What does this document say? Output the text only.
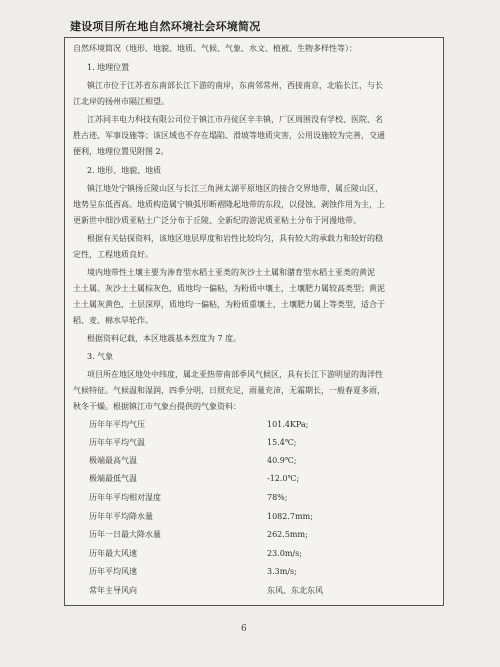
建设项目所在地自然环境社会环境简况
自然环境简况（地形、地貌、地质、气候、气象、水文、植被、生物多样性等）：
1. 地理位置
镇江市位于江苏省东南部长江下游的南岸，东南邻常州，西接南京，北临长江，与长
江北岸的扬州市隔江相望。
江苏同丰电力科技有限公司位于镇江市丹徒区辛丰镇，厂区周围没有学校、医院、名
胜古迹、军事设施等；该区域也不存在塌陷、滑坡等地质灾害，公用设施较为完善，交通
便利，地理位置见附图 2。
2. 地形、地貌、地质
镇江地处宁镇扬丘陵山区与长江三角洲太湖平原地区的接合交界地带，属丘陵山区，
地势呈东低西高。地质构造属宁镇弧形断褶隆起地带的东段，以侵蚀、剥蚀作用为主，上
更新世中细沙质亚粘土广泛分布于丘陵、全新纪的游泥质亚粘土分布于河漫地带。
根据有关钻探资料，该地区地层厚度和岩性比较均匀，具有较大的承载力和较好的稳
定性，工程地质良好。
境内地带性土壤主要为渗育型水稻土亚类的灰沙土土属和潴育型水稻土亚类的黄泥
土土属。灰沙土土属棕灰色，质地均一偏粘，为粉质中壤土，土壤肥力属较高类型；黄泥
土土属灰黄色，土层深厚，质地均一偏粘，为粉质重壤土，土壤肥力属上等类型，适合于
稻、麦、棉水旱轮作。
根据资料记载，本区地震基本烈度为 7 度。
3. 气象
项目所在地区地处中纬度，属北亚热带南部季风气候区，具有长江下游明显的海洋性
气候特征。气候温和湿润，四季分明，日照充足，雨量充沛，无霜期长，一般春夏多雨，
秋冬干燥。根据镇江市气象台提供的气象资料：
历年年平均气压	101.4KPa;
历年年平均气温	15.4℃;
极端最高气温	40.9℃;
极端最低气温	-12.0℃;
历年年平均相对湿度	78%;
历年年平均降水量	1082.7mm;
历年一日最大降水量	262.5mm;
历年最大风速	23.0m/s;
历年平均风速	3.3m/s;
常年主导风向	东风、东北东风
6
